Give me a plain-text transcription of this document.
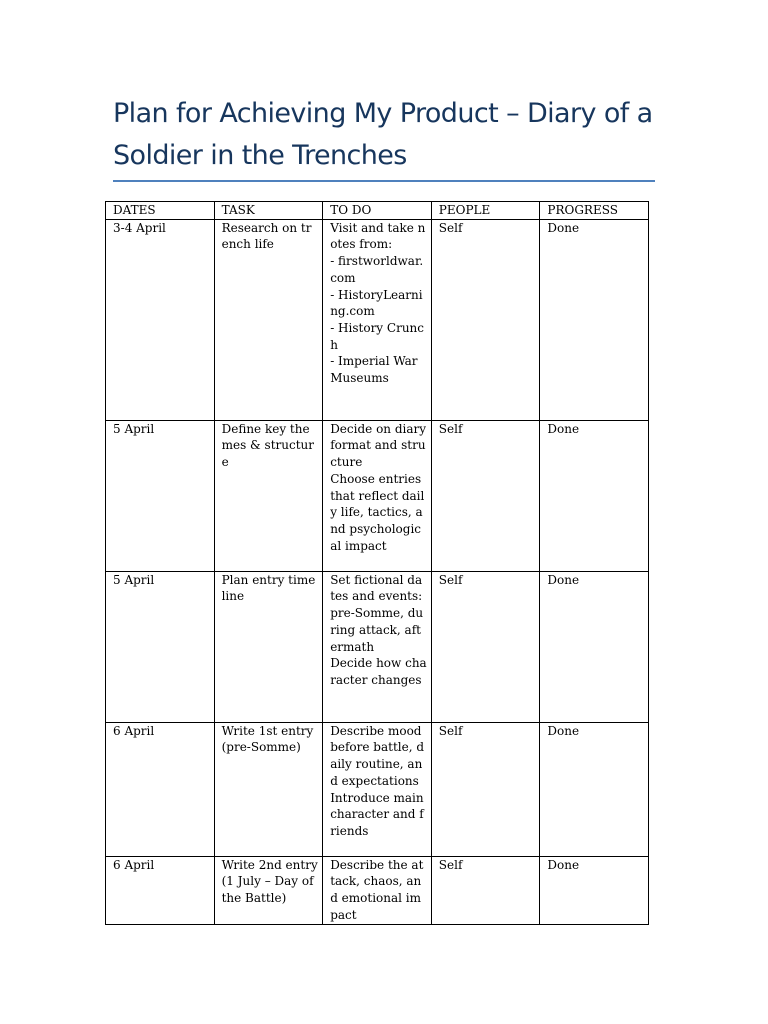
Plan for Achieving My Product – Diary of a Soldier in the Trenches
DATES	TASK	TO DO	PEOPLE	PROGRESS
3-4 April	Research on trench life	Visit and take notes from:
- firstworldwar.com
- HistoryLearning.com
- History Crunch
- Imperial War Museums	Self	Done
5 April	Define key themes & structure	Decide on diary format and structure
Choose entries that reflect daily life, tactics, and psychological impact	Self	Done
5 April	Plan entry timeline	Set fictional dates and events: pre-Somme, during attack, aftermath
Decide how character changes	Self	Done
6 April	Write 1st entry (pre-Somme)	Describe mood before battle, daily routine, and expectations
Introduce main character and friends	Self	Done
6 April	Write 2nd entry (1 July – Day of the Battle)	Describe the attack, chaos, and emotional impact	Self	Done
